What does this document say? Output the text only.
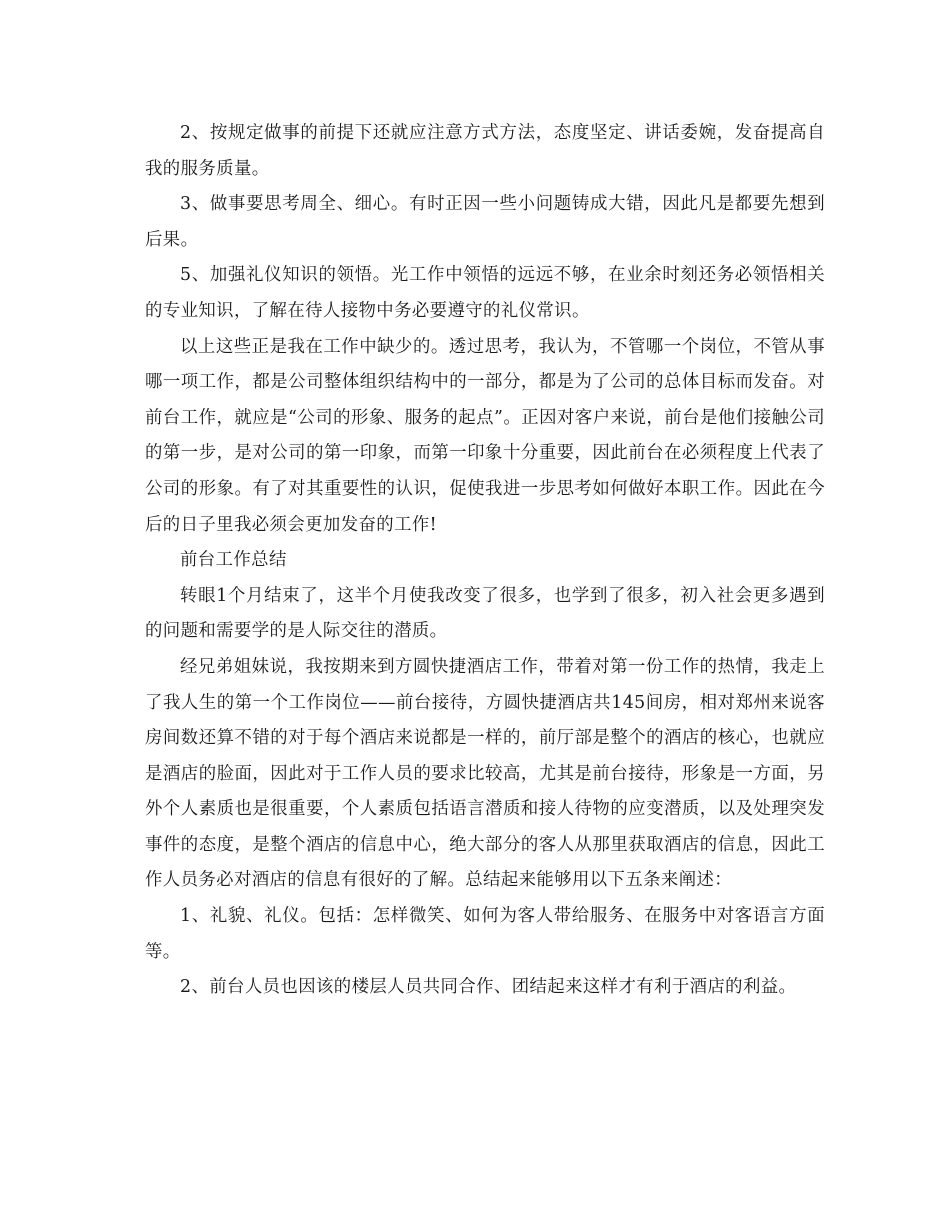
2、按规定做事的前提下还就应注意方式方法，态度坚定、讲话委婉，发奋提高自我的服务质量。

3、做事要思考周全、细心。有时正因一些小问题铸成大错，因此凡是都要先想到后果。

5、加强礼仪知识的领悟。光工作中领悟的远远不够，在业余时刻还务必领悟相关的专业知识，了解在待人接物中务必要遵守的礼仪常识。

以上这些正是我在工作中缺少的。透过思考，我认为，不管哪一个岗位，不管从事哪一项工作，都是公司整体组织结构中的一部分，都是为了公司的总体目标而发奋。对前台工作，就应是“公司的形象、服务的起点”。正因对客户来说，前台是他们接触公司的第一步，是对公司的第一印象，而第一印象十分重要，因此前台在必须程度上代表了公司的形象。有了对其重要性的认识，促使我进一步思考如何做好本职工作。因此在今后的日子里我必须会更加发奋的工作!

前台工作总结

转眼1个月结束了，这半个月使我改变了很多，也学到了很多，初入社会更多遇到的问题和需要学的是人际交往的潜质。

经兄弟姐妹说，我按期来到方圆快捷酒店工作，带着对第一份工作的热情，我走上了我人生的第一个工作岗位——前台接待，方圆快捷酒店共145间房，相对郑州来说客房间数还算不错的对于每个酒店来说都是一样的，前厅部是整个的酒店的核心，也就应是酒店的脸面，因此对于工作人员的要求比较高，尤其是前台接待，形象是一方面，另外个人素质也是很重要，个人素质包括语言潜质和接人待物的应变潜质，以及处理突发事件的态度，是整个酒店的信息中心，绝大部分的客人从那里获取酒店的信息，因此工作人员务必对酒店的信息有很好的了解。总结起来能够用以下五条来阐述：

1、礼貌、礼仪。包括：怎样微笑、如何为客人带给服务、在服务中对客语言方面等。

2、前台人员也因该的楼层人员共同合作、团结起来这样才有利于酒店的利益。
